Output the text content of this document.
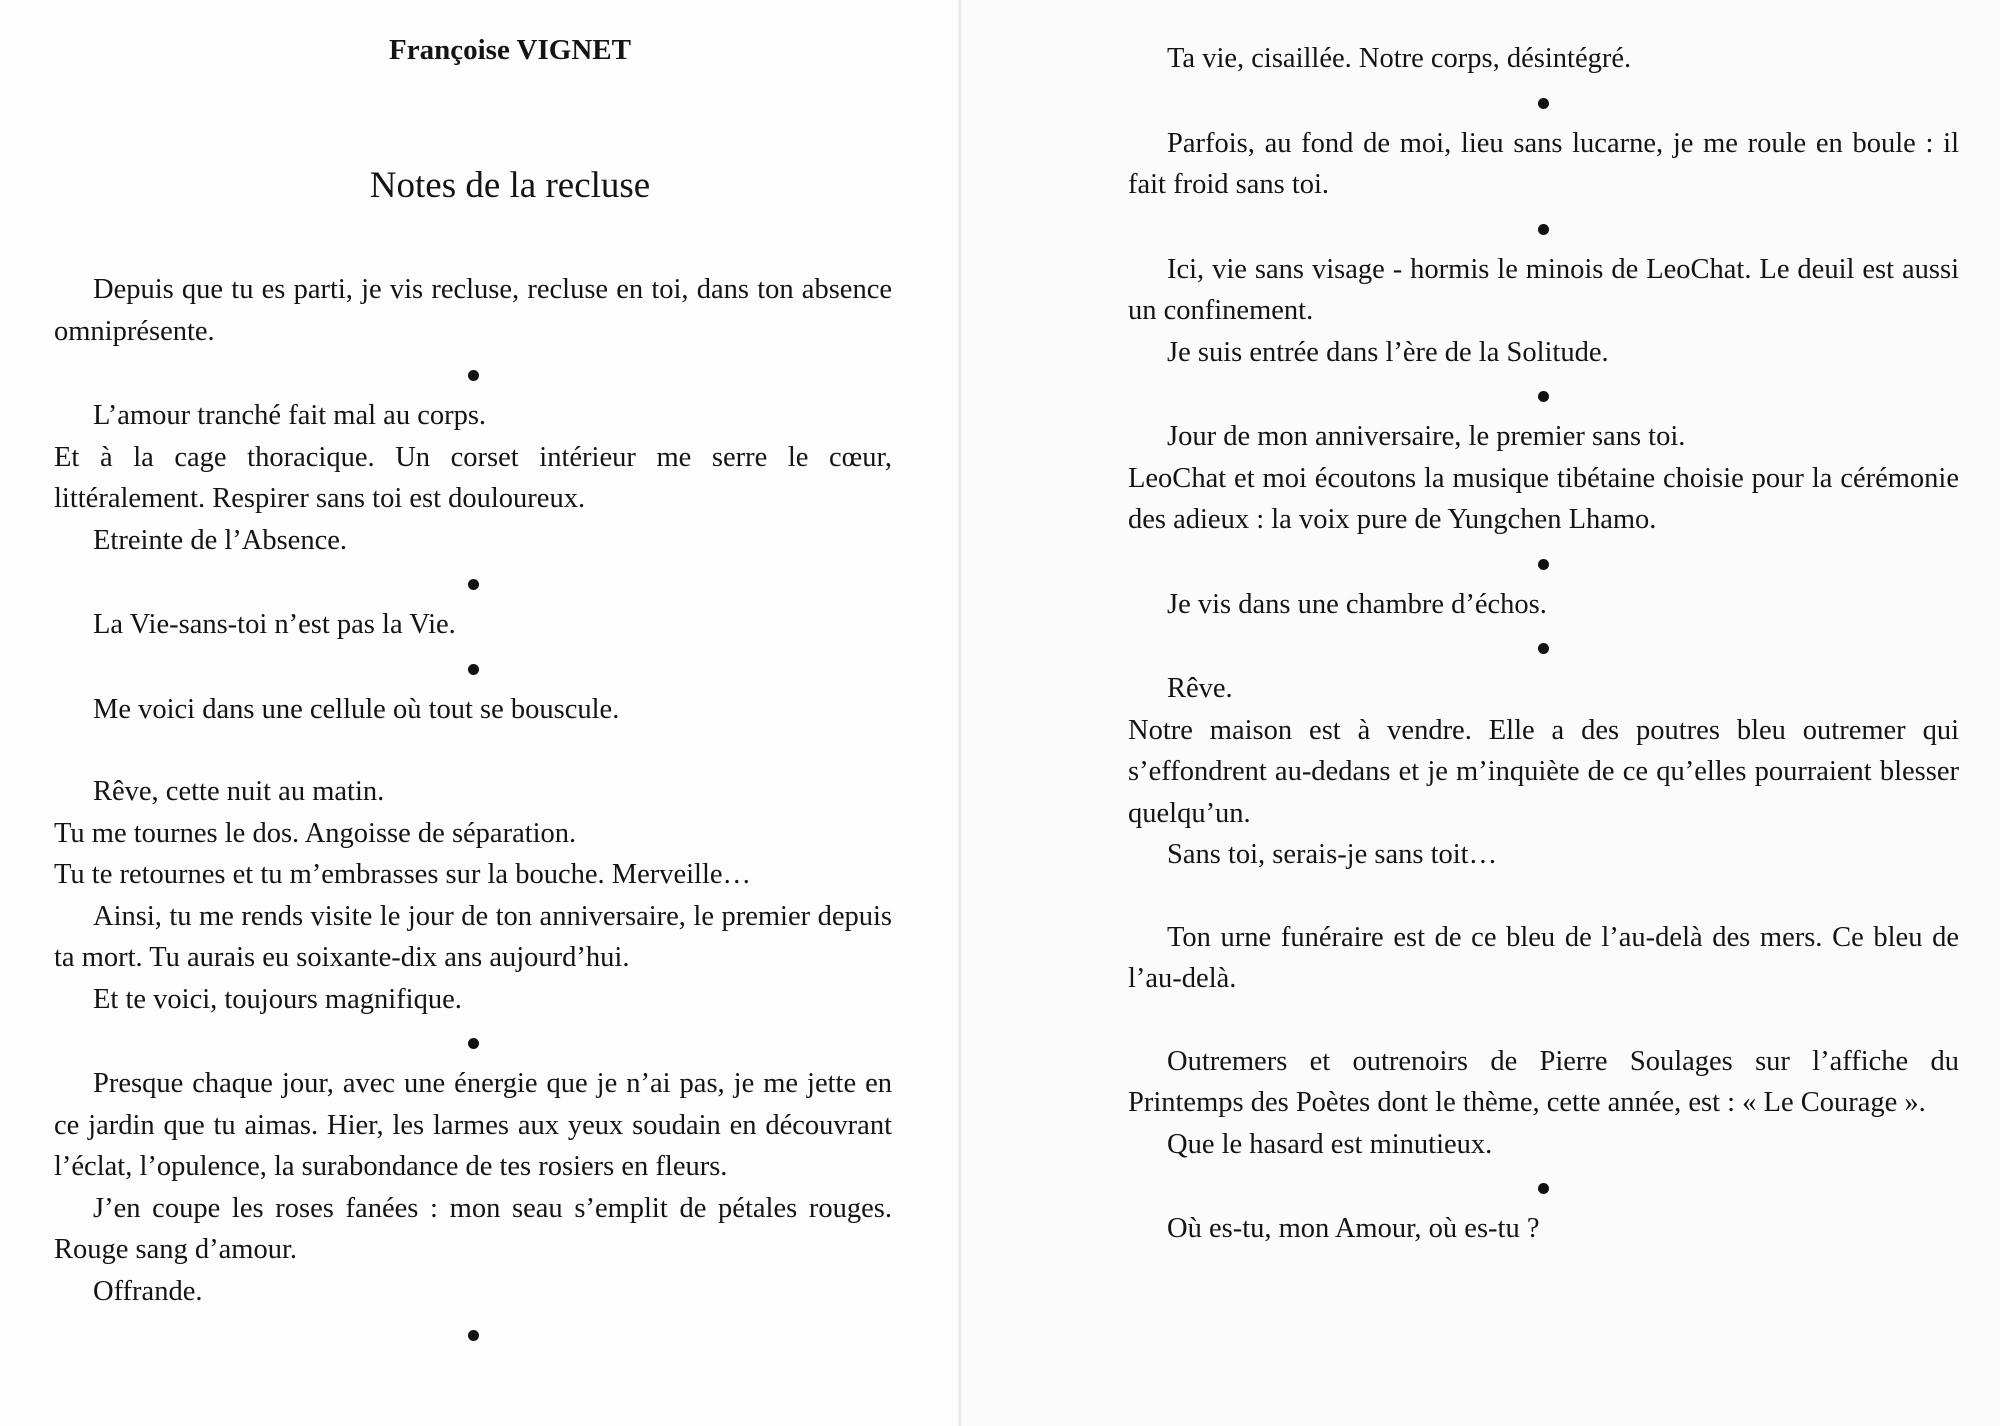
Françoise VIGNET
Notes de la recluse

Depuis que tu es parti, je vis recluse, recluse en toi, dans ton absence omniprésente.

L’amour tranché fait mal au corps.

Et à la cage thoracique. Un corset intérieur me serre le cœur, littéralement. Respirer sans toi est douloureux.

Etreinte de l’Absence.

La Vie-sans-toi n’est pas la Vie.

Me voici dans une cellule où tout se bouscule.

Rêve, cette nuit au matin.

Tu me tournes le dos. Angoisse de séparation.

Tu te retournes et tu m’embrasses sur la bouche. Merveille…

Ainsi, tu me rends visite le jour de ton anniversaire, le premier depuis ta mort. Tu aurais eu soixante-dix ans aujourd’hui.

Et te voici, toujours magnifique.

Presque chaque jour, avec une énergie que je n’ai pas, je me jette en ce jardin que tu aimas. Hier, les larmes aux yeux soudain en découvrant l’éclat, l’opulence, la surabondance de tes rosiers en fleurs.

J’en coupe les roses fanées : mon seau s’emplit de pétales rouges. Rouge sang d’amour.

Offrande.

Ta vie, cisaillée. Notre corps, désintégré.

Parfois, au fond de moi, lieu sans lucarne, je me roule en boule : il fait froid sans toi.

Ici, vie sans visage - hormis le minois de LeoChat. Le deuil est aussi un confinement.

Je suis entrée dans l’ère de la Solitude.

Jour de mon anniversaire, le premier sans toi.

LeoChat et moi écoutons la musique tibétaine choisie pour la cérémonie des adieux : la voix pure de Yungchen Lhamo.

Je vis dans une chambre d’échos.

Rêve.

Notre maison est à vendre. Elle a des poutres bleu outremer qui s’effondrent au-dedans et je m’inquiète de ce qu’elles pourraient blesser quelqu’un.

Sans toi, serais-je sans toit…

Ton urne funéraire est de ce bleu de l’au-delà des mers. Ce bleu de l’au-delà.

Outremers et outrenoirs de Pierre Soulages sur l’affiche du Printemps des Poètes dont le thème, cette année, est : « Le Courage ».

Que le hasard est minutieux.

Où es-tu, mon Amour, où es-tu ?
